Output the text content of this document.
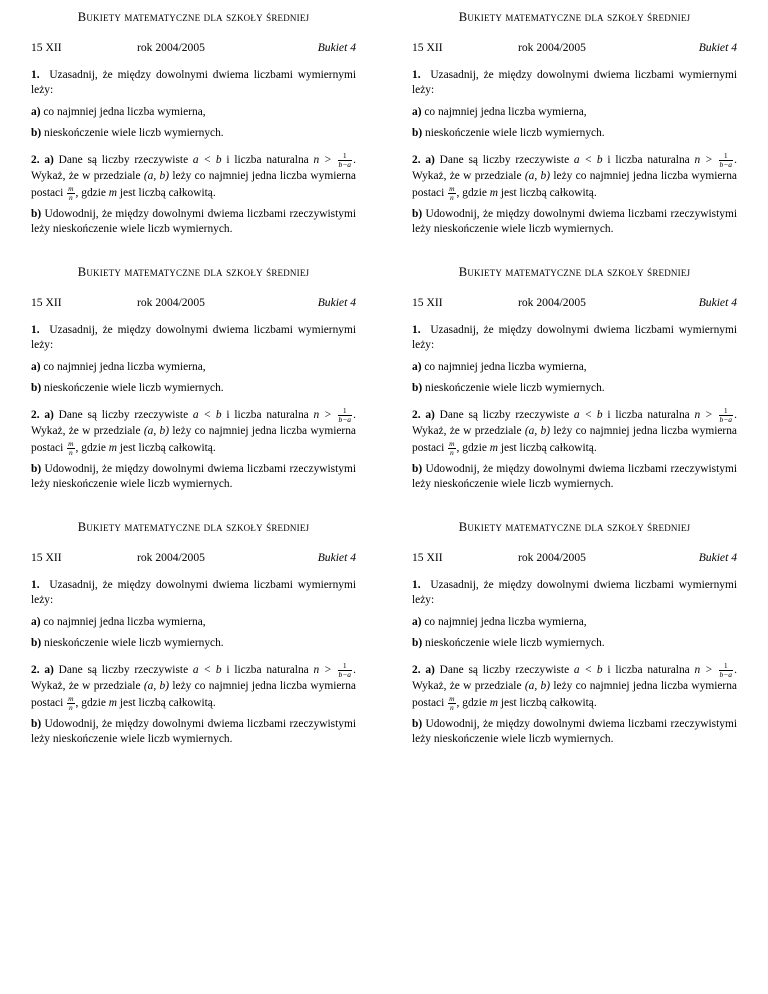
Bukiety matematyczne dla szkoły średniej
15 XII	rok 2004/2005	Bukiet 4

1. Uzasadnij, że między dowolnymi dwiema liczbami wymiernymi leży:

a) co najmniej jedna liczba wymierna,

b) nieskończenie wiele liczb wymiernych.

2. a) Dane są liczby rzeczywiste a < b i liczba naturalna $n > \frac{1}{b-a}$ . Wykaż, że w przedziale (a, b) leży co najmniej jedna liczba wymierna postaci $\frac{m}{n}$ , gdzie m jest liczbą całkowitą.

b) Udowodnij, że między dowolnymi dwiema liczbami rzeczywistymi leży nieskończenie wiele liczb wymiernych.

Bukiety matematyczne dla szkoły średniej
15 XII	rok 2004/2005	Bukiet 4

1. Uzasadnij, że między dowolnymi dwiema liczbami wymiernymi leży:

a) co najmniej jedna liczba wymierna,

b) nieskończenie wiele liczb wymiernych.

2. a) Dane są liczby rzeczywiste a < b i liczba naturalna $n > \frac{1}{b-a}$ . Wykaż, że w przedziale (a, b) leży co najmniej jedna liczba wymierna postaci $\frac{m}{n}$ , gdzie m jest liczbą całkowitą.

b) Udowodnij, że między dowolnymi dwiema liczbami rzeczywistymi leży nieskończenie wiele liczb wymiernych.

Bukiety matematyczne dla szkoły średniej
15 XII	rok 2004/2005	Bukiet 4

1. Uzasadnij, że między dowolnymi dwiema liczbami wymiernymi leży:

a) co najmniej jedna liczba wymierna,

b) nieskończenie wiele liczb wymiernych.

2. a) Dane są liczby rzeczywiste a < b i liczba naturalna $n > \frac{1}{b-a}$ . Wykaż, że w przedziale (a, b) leży co najmniej jedna liczba wymierna postaci $\frac{m}{n}$ , gdzie m jest liczbą całkowitą.

b) Udowodnij, że między dowolnymi dwiema liczbami rzeczywistymi leży nieskończenie wiele liczb wymiernych.

Bukiety matematyczne dla szkoły średniej
15 XII	rok 2004/2005	Bukiet 4

1. Uzasadnij, że między dowolnymi dwiema liczbami wymiernymi leży:

a) co najmniej jedna liczba wymierna,

b) nieskończenie wiele liczb wymiernych.

2. a) Dane są liczby rzeczywiste a < b i liczba naturalna $n > \frac{1}{b-a}$ . Wykaż, że w przedziale (a, b) leży co najmniej jedna liczba wymierna postaci $\frac{m}{n}$ , gdzie m jest liczbą całkowitą.

b) Udowodnij, że między dowolnymi dwiema liczbami rzeczywistymi leży nieskończenie wiele liczb wymiernych.

Bukiety matematyczne dla szkoły średniej
15 XII	rok 2004/2005	Bukiet 4

1. Uzasadnij, że między dowolnymi dwiema liczbami wymiernymi leży:

a) co najmniej jedna liczba wymierna,

b) nieskończenie wiele liczb wymiernych.

2. a) Dane są liczby rzeczywiste a < b i liczba naturalna $n > \frac{1}{b-a}$ . Wykaż, że w przedziale (a, b) leży co najmniej jedna liczba wymierna postaci $\frac{m}{n}$ , gdzie m jest liczbą całkowitą.

b) Udowodnij, że między dowolnymi dwiema liczbami rzeczywistymi leży nieskończenie wiele liczb wymiernych.

Bukiety matematyczne dla szkoły średniej
15 XII	rok 2004/2005	Bukiet 4

1. Uzasadnij, że między dowolnymi dwiema liczbami wymiernymi leży:

a) co najmniej jedna liczba wymierna,

b) nieskończenie wiele liczb wymiernych.

2. a) Dane są liczby rzeczywiste a < b i liczba naturalna $n > \frac{1}{b-a}$ . Wykaż, że w przedziale (a, b) leży co najmniej jedna liczba wymierna postaci $\frac{m}{n}$ , gdzie m jest liczbą całkowitą.

b) Udowodnij, że między dowolnymi dwiema liczbami rzeczywistymi leży nieskończenie wiele liczb wymiernych.
